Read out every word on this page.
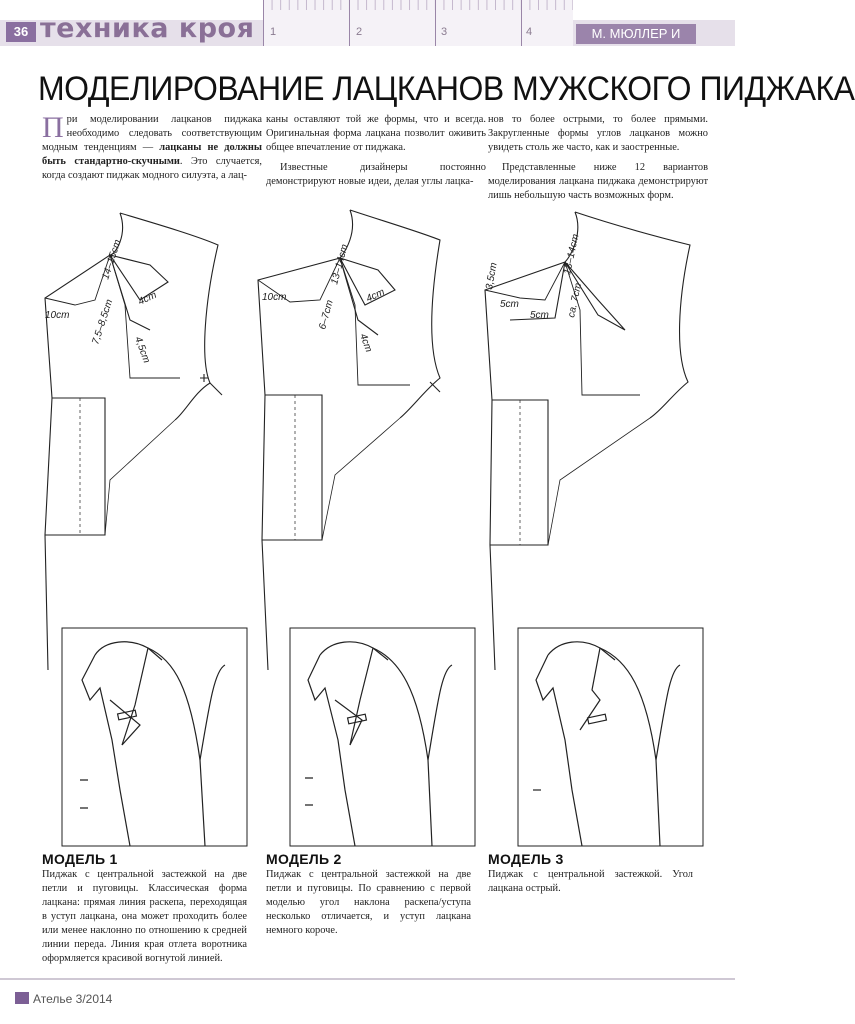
36 техника кроя 1	2	3	4	М. МЮЛЛЕР И СЫН
МОДЕЛИРОВАНИЕ ЛАЦКАНОВ МУЖСКОГО ПИДЖАКА

При моделировании лацканов пиджака необходимо следовать соответствующим модным тенденциям — лацканы не должны быть стандартно-скучными. Это случается, когда создают пиджак модного силуэта, а лац-

каны оставляют той же формы, что и всегда. Оригинальная форма лацкана позволит оживить общее впечатление от пиджака.

Известные дизайнеры постоянно демонстрируют новые идеи, делая углы лацка-

нов то более острыми, то более прямыми. Закругленные формы углов лацканов можно увидеть столь же часто, как и заостренные.

Представленные ниже 12 вариантов моделирования лацкана пиджака демонстрируют лишь небольшую часть возможных форм.

14–15cm
10cm
4cm
4,5cm
7,5–8,5cm
13–14cm
10cm	4cm
4cm
6–7cm
13–14cm
3,5cm
5cm
5cm ca. 7cm
МОДЕЛЬ 1
Пиджак с центральной застежкой на две петли и пуговицы. Классическая форма лацкана: прямая линия раскепа, переходящая в уступ лацкана, она может проходить более или менее наклонно по отношению к средней линии переда. Линия края отлета воротника оформляется красивой вогнутой линией.
МОДЕЛЬ 2
Пиджак с центральной застежкой на две петли и пуговицы. По сравнению с первой моделью угол наклона раскепа/уступа несколько отличается, и уступ лацкана немного короче.
МОДЕЛЬ 3
Пиджак с центральной застежкой. Угол лацкана острый.
Ателье 3/2014
